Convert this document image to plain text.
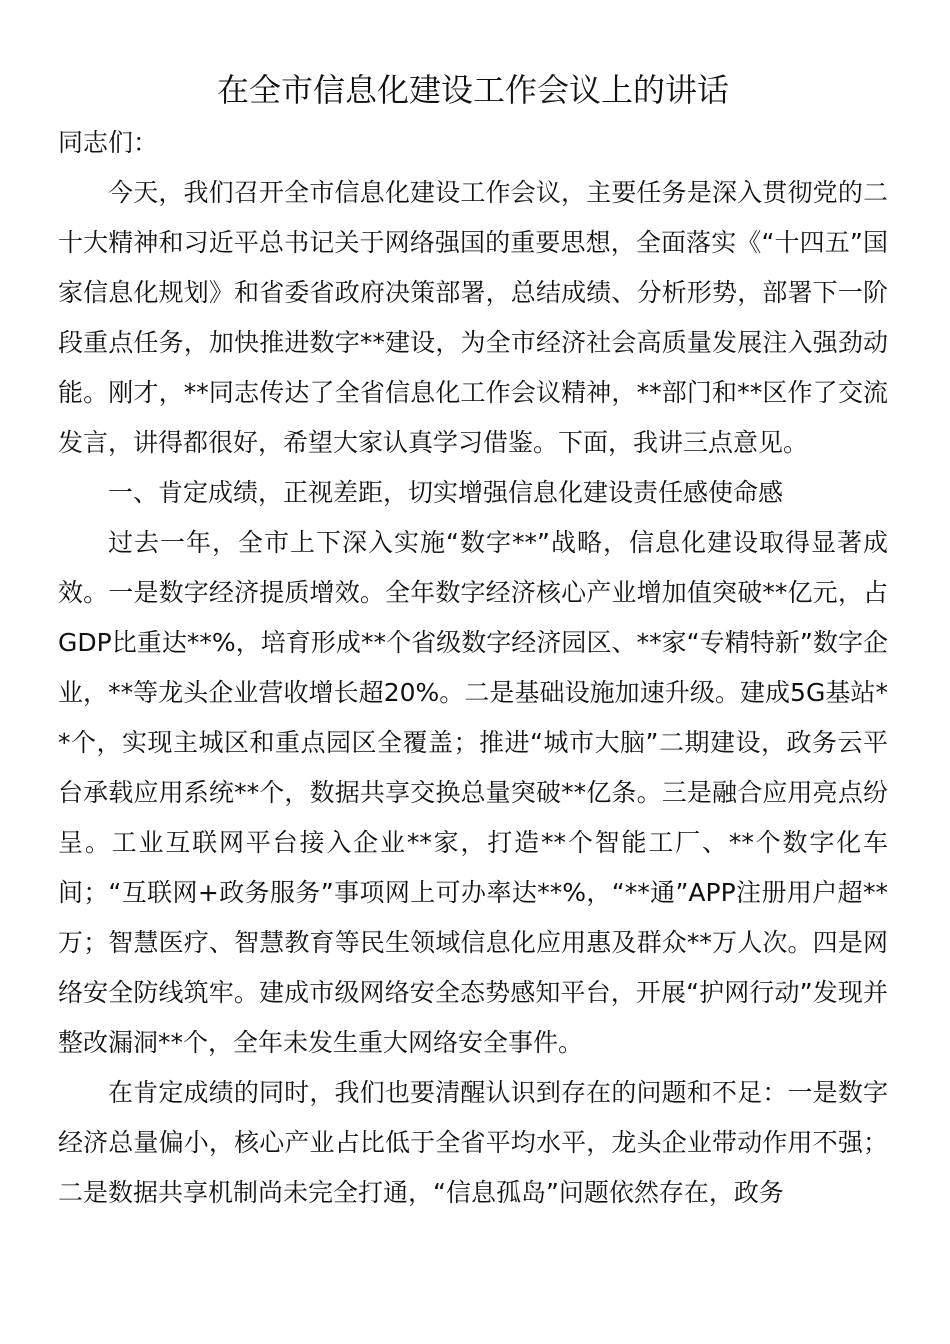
在全市信息化建设工作会议上的讲话

同志们：

今天，我们召开全市信息化建设工作会议，主要任务是深入贯彻党的二十大精神和习近平总书记关于网络强国的重要思想，全面落实《“十四五”国家信息化规划》和省委省政府决策部署，总结成绩、分析形势，部署下一阶段重点任务，加快推进数字**建设，为全市经济社会高质量发展注入强劲动能。刚才，**同志传达了全省信息化工作会议精神，**部门和**区作了交流发言，讲得都很好，希望大家认真学习借鉴。下面，我讲三点意见。

一、肯定成绩，正视差距，切实增强信息化建设责任感使命感

过去一年，全市上下深入实施“数字**”战略，信息化建设取得显著成效。一是数字经济提质增效。全年数字经济核心产业增加值突破**亿元，占GDP比重达**%，培育形成**个省级数字经济园区、**家“专精特新”数字企业，**等龙头企业营收增长超20%。二是基础设施加速升级。建成5G基站**个，实现主城区和重点园区全覆盖；推进“城市大脑”二期建设，政务云平台承载应用系统**个，数据共享交换总量突破**亿条。三是融合应用亮点纷呈。工业互联网平台接入企业**家，打造**个智能工厂、**个数字化车间；“互联网+政务服务”事项网上可办率达**%，“**通”APP注册用户超**万；智慧医疗、智慧教育等民生领域信息化应用惠及群众**万人次。四是网络安全防线筑牢。建成市级网络安全态势感知平台，开展“护网行动”发现并整改漏洞**个，全年未发生重大网络安全事件。

在肯定成绩的同时，我们也要清醒认识到存在的问题和不足：一是数字经济总量偏小，核心产业占比低于全省平均水平，龙头企业带动作用不强；二是数据共享机制尚未完全打通，“信息孤岛”问题依然存在，政务
